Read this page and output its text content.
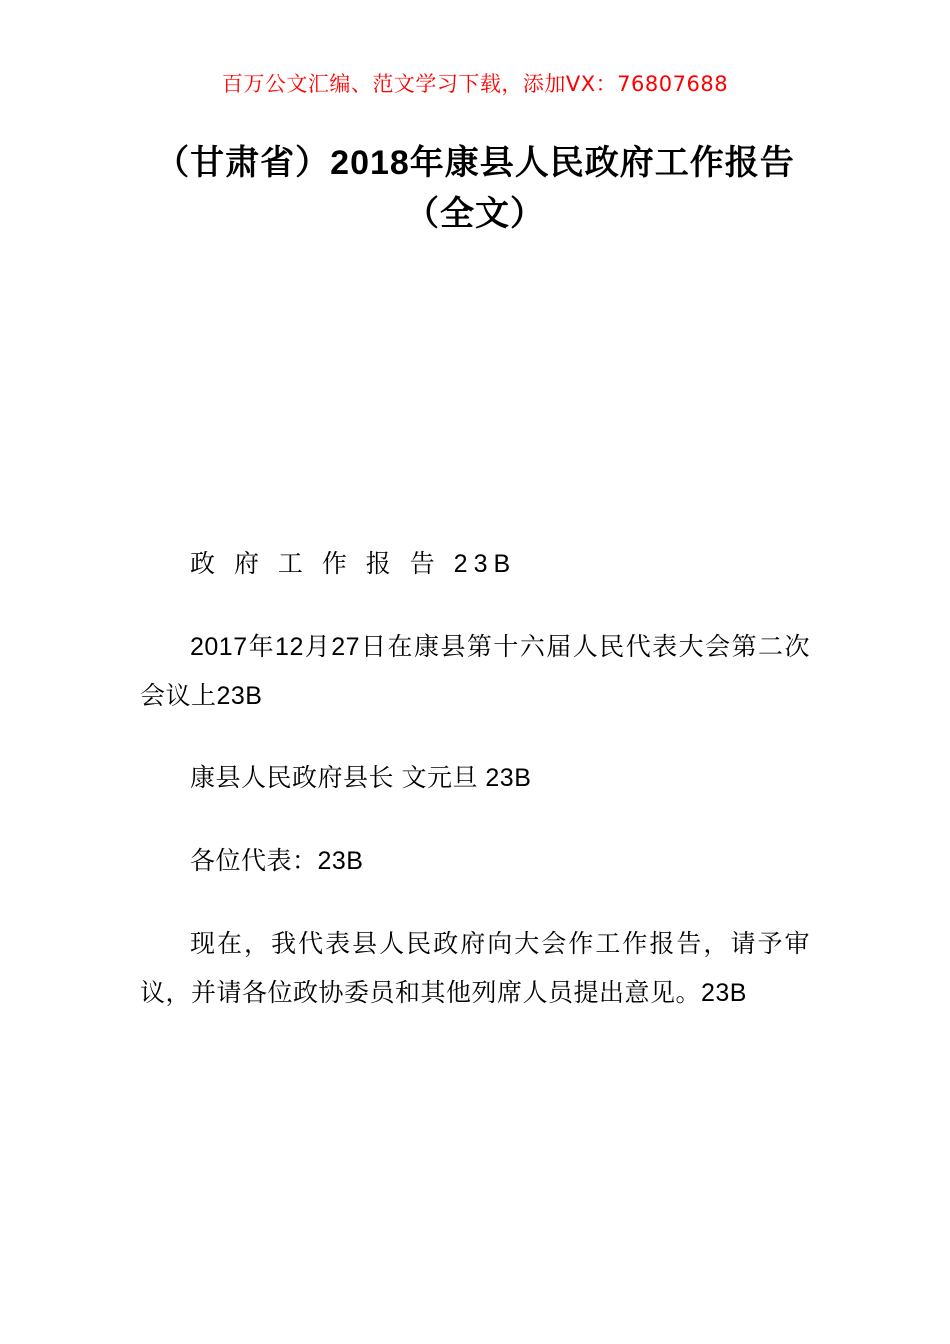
百万公文汇编、范文学习下载，添加VX：76807688
（甘肃省）2018年康县人民政府工作报告
（全文）

政 府 工 作 报 告 23B

2017年12月27日在康县第十六届人民代表大会第二次会议上23B

康县人民政府县长 文元旦 23B

各位代表：23B

现在，我代表县人民政府向大会作工作报告，请予审议，并请各位政协委员和其他列席人员提出意见。23B
